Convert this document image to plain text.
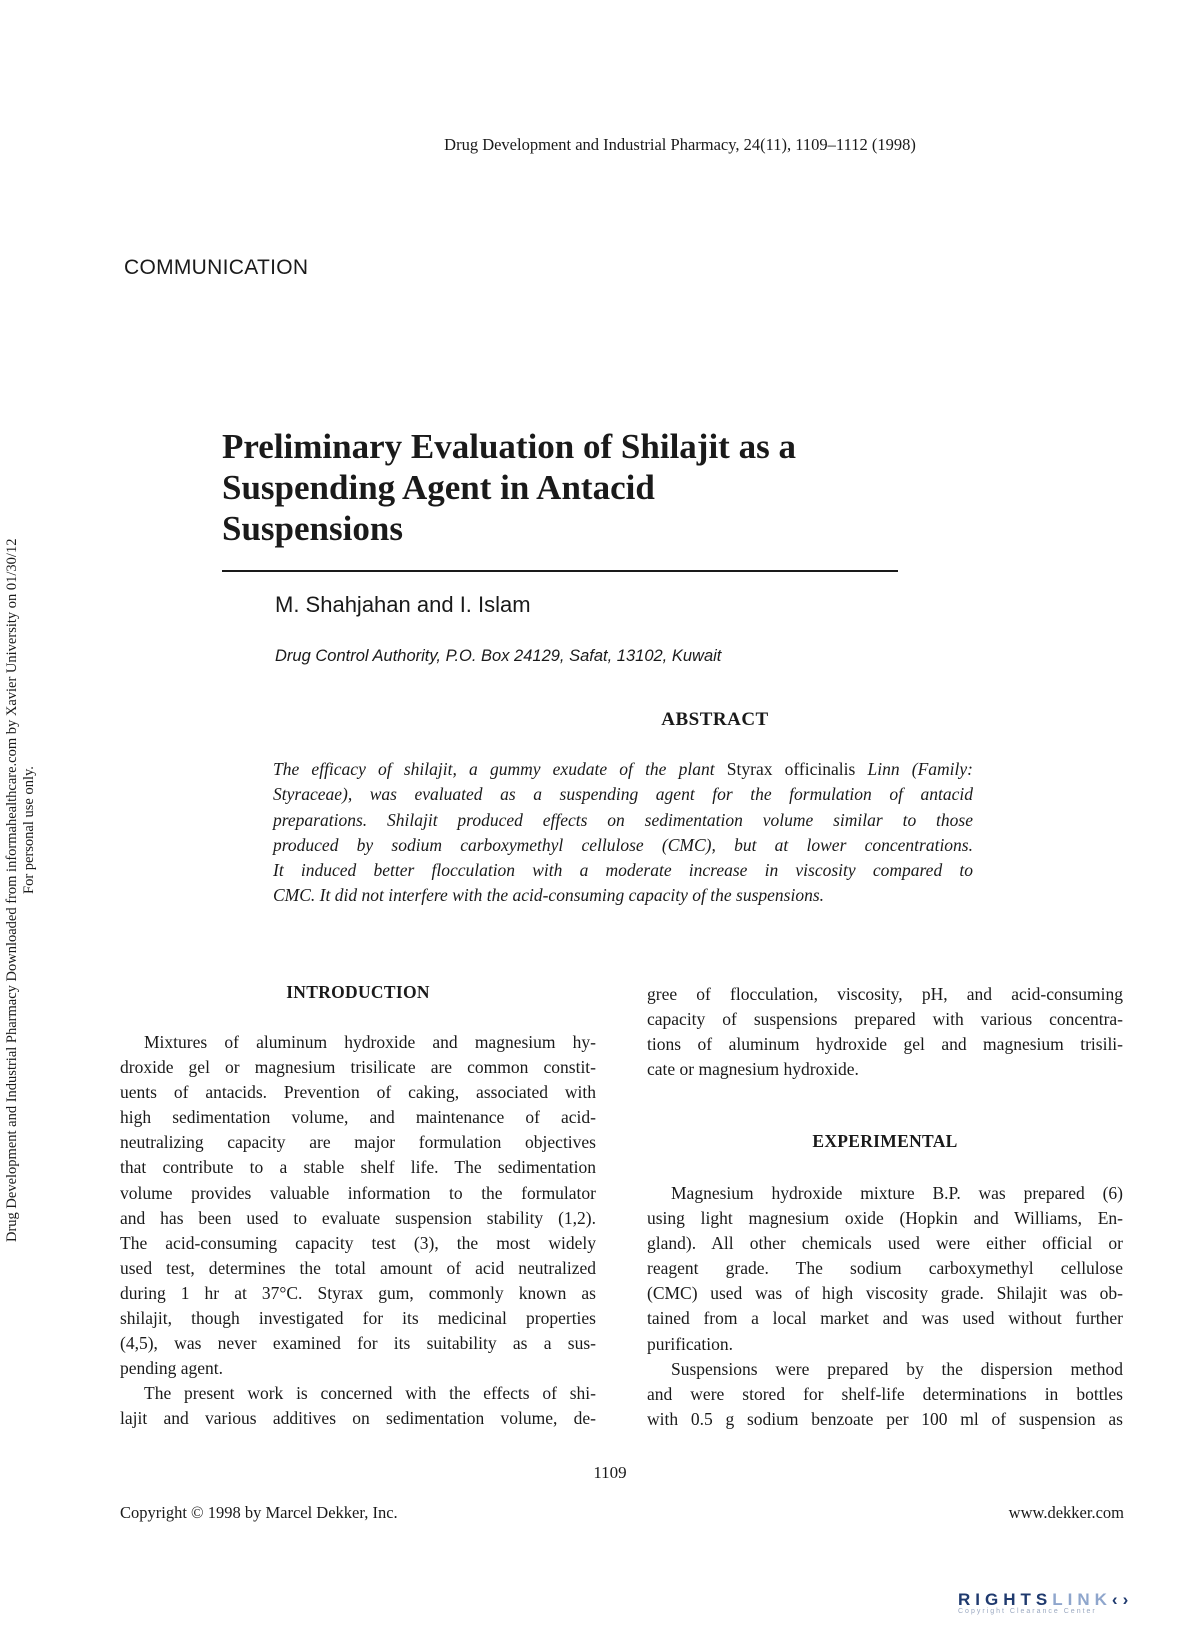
Drug Development and Industrial Pharmacy, 24(11), 1109–1112 (1998)
COMMUNICATION
Drug Development and Industrial Pharmacy Downloaded from informahealthcare.com by Xavier University on 01/30/12 For personal use only.
Preliminary Evaluation of Shilajit as a
Suspending Agent in Antacid
Suspensions
M. Shahjahan and I. Islam
Drug Control Authority, P.O. Box 24129, Safat, 13102, Kuwait
ABSTRACT
The efficacy of shilajit, a gummy exudate of the plant Styrax officinalis Linn (Family:
Styraceae), was evaluated as a suspending agent for the formulation of antacid
preparations. Shilajit produced effects on sedimentation volume similar to those
produced by sodium carboxymethyl cellulose (CMC), but at lower concentrations.
It induced better flocculation with a moderate increase in viscosity compared to
CMC. It did not interfere with the acid-consuming capacity of the suspensions.
INTRODUCTION
Mixtures of aluminum hydroxide and magnesium hy-
droxide gel or magnesium trisilicate are common constit-
uents of antacids. Prevention of caking, associated with
high sedimentation volume, and maintenance of acid-
neutralizing capacity are major formulation objectives
that contribute to a stable shelf life. The sedimentation
volume provides valuable information to the formulator
and has been used to evaluate suspension stability (1,2).
The acid-consuming capacity test (3), the most widely
used test, determines the total amount of acid neutralized
during 1 hr at 37°C. Styrax gum, commonly known as
shilajit, though investigated for its medicinal properties
(4,5), was never examined for its suitability as a sus-
pending agent.
The present work is concerned with the effects of shi-
lajit and various additives on sedimentation volume, de-
gree of flocculation, viscosity, pH, and acid-consuming
capacity of suspensions prepared with various concentra-
tions of aluminum hydroxide gel and magnesium trisili-
cate or magnesium hydroxide.
EXPERIMENTAL
Magnesium hydroxide mixture B.P. was prepared (6)
using light magnesium oxide (Hopkin and Williams, En-
gland). All other chemicals used were either official or
reagent grade. The sodium carboxymethyl cellulose
(CMC) used was of high viscosity grade. Shilajit was ob-
tained from a local market and was used without further
purification.
Suspensions were prepared by the dispersion method
and were stored for shelf-life determinations in bottles
with 0.5 g sodium benzoate per 100 ml of suspension as
1109
Copyright © 1998 by Marcel Dekker, Inc.	www.dekker.com
RIGHTSLINK‹›
Copyright Clearance Center
